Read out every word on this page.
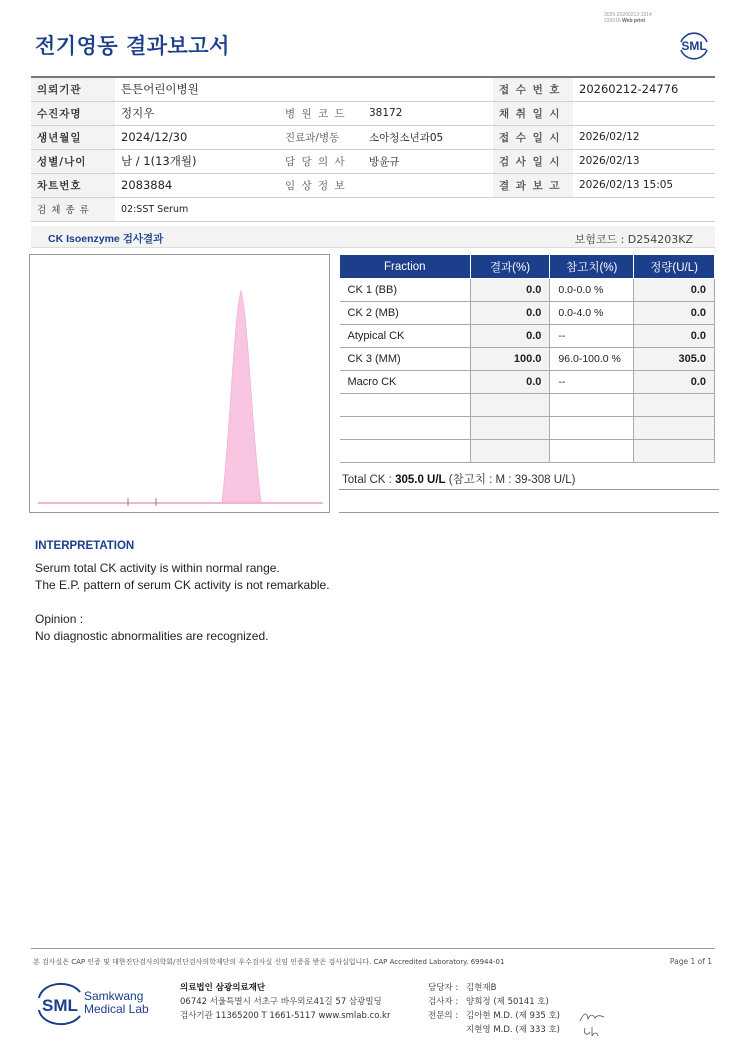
3025-20260213-1514
220016 Web print
전기영동 결과보고서	SML
의뢰기관	튼튼어린이병원			접 수 번 호	20260212-24776
수진자명	정지우	병 원 코 드	38172	채 취 일 시	
생년월일	2024/12/30	진료과/병동	소아청소년과05	접 수 일 시	2026/02/12
성별/나이	남 / 1(13개월)	담 당 의 사	방윤규	검 사 일 시	2026/02/13
차트번호	2083884	임 상 정 보		결 과 보 고	2026/02/13 15:05
검 체 종 류	02:SST Serum				
CK Isoenzyme 검사결과	보험코드 : D254203KZ
Fraction	결과(%)	참고치(%)	정량(U/L)
CK 1 (BB)	0.0	0.0-0.0 %	0.0
CK 2 (MB)	0.0	0.0-4.0 %	0.0
Atypical CK	0.0	--	0.0
CK 3 (MM)	100.0	96.0-100.0 %	305.0
Macro CK	0.0	--	0.0

Total CK : 305.0 U/L (참고치 : M : 39-308 U/L)
INTERPRETATION
Serum total CK activity is within normal range.
The E.P. pattern of serum CK activity is not remarkable.
Opinion :
No diagnostic abnormalities are recognized.
본 검사실은 CAP 인증 및 대한진단검사의학회/진단검사의학재단의 우수검사실 신임 인증을 받은 검사실입니다. CAP Accredited Laboratory. 69944-01	Page 1 of 1
SML Samkwang
Medical Lab
의료법인 삼광의료재단
06742 서울특별시 서초구 바우뫼로41길 57 삼광빌딩
검사기관 11365200 T 1661-5117 www.smlab.co.kr
담당자 : 김현재B
검사자 : 양희정 (제 50141 호)
전문의 : 김아현 M.D. (제 935 호)
지현영 M.D. (제 333 호)
